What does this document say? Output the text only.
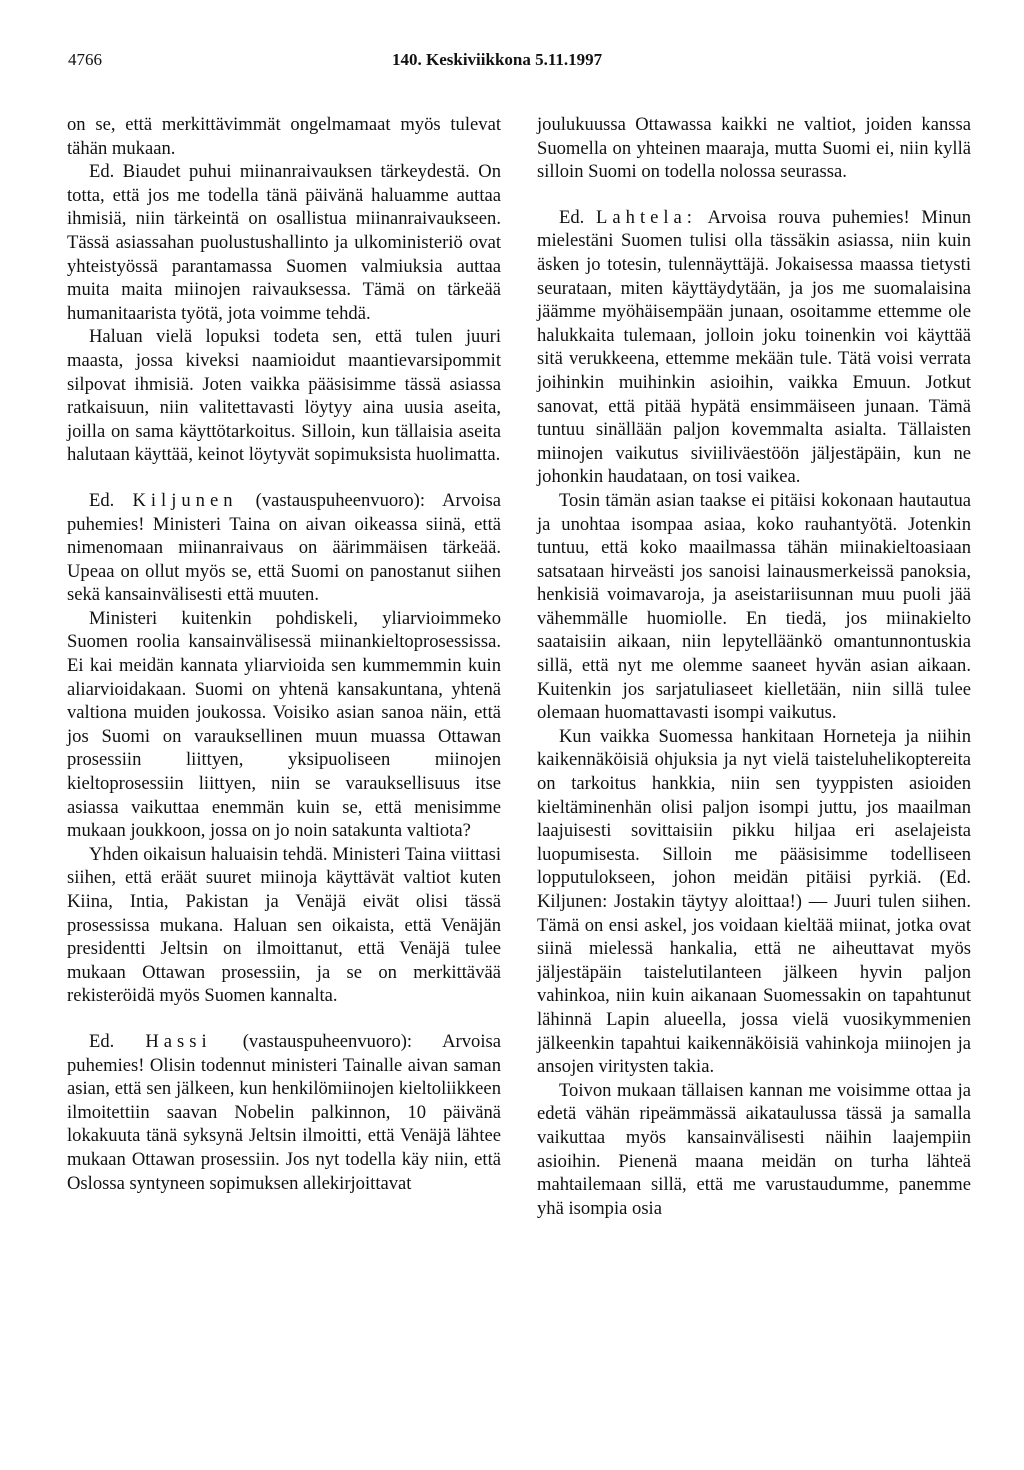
4766	140. Keskiviikkona 5.11.1997

on se, että merkittävimmät ongelmamaat myös tulevat tähän mukaan.

Ed. Biaudet puhui miinanraivauksen tärkeydestä. On totta, että jos me todella tänä päivänä haluamme auttaa ihmisiä, niin tärkeintä on osallistua miinanraivaukseen. Tässä asiassahan puolustushallinto ja ulkoministeriö ovat yhteistyössä parantamassa Suomen valmiuksia auttaa muita maita miinojen raivauksessa. Tämä on tärkeää humanitaarista työtä, jota voimme tehdä.

Haluan vielä lopuksi todeta sen, että tulen juuri maasta, jossa kiveksi naamioidut maantievarsipommit silpovat ihmisiä. Joten vaikka pääsisimme tässä asiassa ratkaisuun, niin valitettavasti löytyy aina uusia aseita, joilla on sama käyttötarkoitus. Silloin, kun tällaisia aseita halutaan käyttää, keinot löytyvät sopimuksista huolimatta.

Ed. Kiljunen (vastauspuheenvuoro): Arvoisa puhemies! Ministeri Taina on aivan oikeassa siinä, että nimenomaan miinanraivaus on äärimmäisen tärkeää. Upeaa on ollut myös se, että Suomi on panostanut siihen sekä kansainvälisesti että muuten.

Ministeri kuitenkin pohdiskeli, yliarvioimmeko Suomen roolia kansainvälisessä miinankieltoprosessissa. Ei kai meidän kannata yliarvioida sen kummemmin kuin aliarvioidakaan. Suomi on yhtenä kansakuntana, yhtenä valtiona muiden joukossa. Voisiko asian sanoa näin, että jos Suomi on varauksellinen muun muassa Ottawan prosessiin liittyen, yksipuoliseen miinojen kieltoprosessiin liittyen, niin se varauksellisuus itse asiassa vaikuttaa enemmän kuin se, että menisimme mukaan joukkoon, jossa on jo noin satakunta valtiota?

Yhden oikaisun haluaisin tehdä. Ministeri Taina viittasi siihen, että eräät suuret miinoja käyttävät valtiot kuten Kiina, Intia, Pakistan ja Venäjä eivät olisi tässä prosessissa mukana. Haluan sen oikaista, että Venäjän presidentti Jeltsin on ilmoittanut, että Venäjä tulee mukaan Ottawan prosessiin, ja se on merkittävää rekisteröidä myös Suomen kannalta.

Ed. Hassi (vastauspuheenvuoro): Arvoisa puhemies! Olisin todennut ministeri Tainalle aivan saman asian, että sen jälkeen, kun henkilömiinojen kieltoliikkeen ilmoitettiin saavan Nobelin palkinnon, 10 päivänä lokakuuta tänä syksynä Jeltsin ilmoitti, että Venäjä lähtee mukaan Ottawan prosessiin. Jos nyt todella käy niin, että Oslossa syntyneen sopimuksen allekirjoittavat

joulukuussa Ottawassa kaikki ne valtiot, joiden kanssa Suomella on yhteinen maaraja, mutta Suomi ei, niin kyllä silloin Suomi on todella nolossa seurassa.

Ed. Lahtela: Arvoisa rouva puhemies! Minun mielestäni Suomen tulisi olla tässäkin asiassa, niin kuin äsken jo totesin, tulennäyttäjä. Jokaisessa maassa tietysti seurataan, miten käyttäydytään, ja jos me suomalaisina jäämme myöhäisempään junaan, osoitamme ettemme ole halukkaita tulemaan, jolloin joku toinenkin voi käyttää sitä verukkeena, ettemme mekään tule. Tätä voisi verrata joihinkin muihinkin asioihin, vaikka Emuun. Jotkut sanovat, että pitää hypätä ensimmäiseen junaan. Tämä tuntuu sinällään paljon kovemmalta asialta. Tällaisten miinojen vaikutus siviiliväestöön jäljestäpäin, kun ne johonkin haudataan, on tosi vaikea.

Tosin tämän asian taakse ei pitäisi kokonaan hautautua ja unohtaa isompaa asiaa, koko rauhantyötä. Jotenkin tuntuu, että koko maailmassa tähän miinakieltoasiaan satsataan hirveästi jos sanoisi lainausmerkeissä panoksia, henkisiä voimavaroja, ja aseistariisunnan muu puoli jää vähemmälle huomiolle. En tiedä, jos miinakielto saataisiin aikaan, niin lepytelläänkö omantunnontuskia sillä, että nyt me olemme saaneet hyvän asian aikaan. Kuitenkin jos sarjatuliaseet kielletään, niin sillä tulee olemaan huomattavasti isompi vaikutus.

Kun vaikka Suomessa hankitaan Horneteja ja niihin kaikennäköisiä ohjuksia ja nyt vielä taisteluhelikoptereita on tarkoitus hankkia, niin sen tyyppisten asioiden kieltäminenhän olisi paljon isompi juttu, jos maailman laajuisesti sovittaisiin pikku hiljaa eri aselajeista luopumisesta. Silloin me pääsisimme todelliseen lopputulokseen, johon meidän pitäisi pyrkiä. (Ed. Kiljunen: Jostakin täytyy aloittaa!) — Juuri tulen siihen. Tämä on ensi askel, jos voidaan kieltää miinat, jotka ovat siinä mielessä hankalia, että ne aiheuttavat myös jäljestäpäin taistelutilanteen jälkeen hyvin paljon vahinkoa, niin kuin aikanaan Suomessakin on tapahtunut lähinnä Lapin alueella, jossa vielä vuosikymmenien jälkeenkin tapahtui kaikennäköisiä vahinkoja miinojen ja ansojen viritysten takia.

Toivon mukaan tällaisen kannan me voisimme ottaa ja edetä vähän ripeämmässä aikataulussa tässä ja samalla vaikuttaa myös kansainvälisesti näihin laajempiin asioihin. Pienenä maana meidän on turha lähteä mahtailemaan sillä, että me varustaudumme, panemme yhä isompia osia
